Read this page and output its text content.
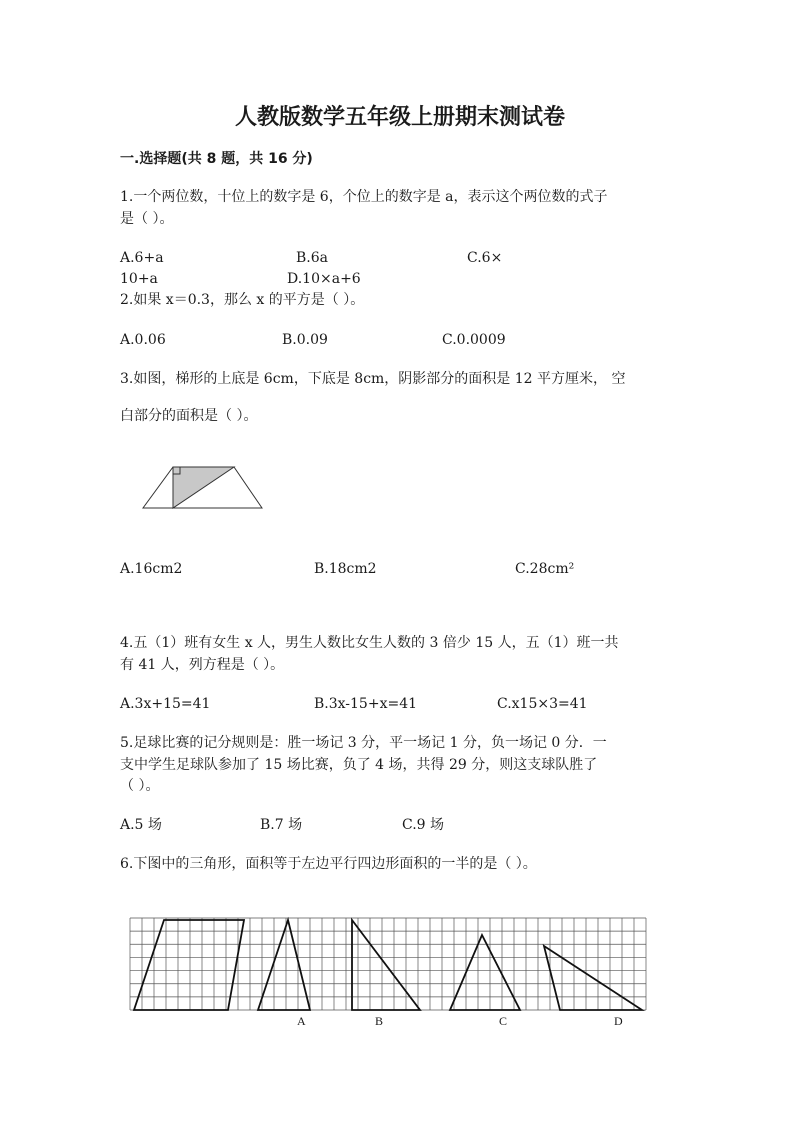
人教版数学五年级上册期末测试卷
一.选择题(共 8 题，共 16 分)
1.一个两位数，十位上的数字是 6，个位上的数字是 a，表示这个两位数的式子
是（ ）。
A.6+a	B.6a	C.6×
10+a	D.10×a+6
2.如果 x＝0.3，那么 x 的平方是（ ）。
A.0.06	B.0.09	C.0.0009
3.如图，梯形的上底是 6cm，下底是 8cm，阴影部分的面积是 12 平方厘米， 空
白部分的面积是（ ）。
A.16cm2	B.18cm2	C.28cm²
4.五（1）班有女生 x 人，男生人数比女生人数的 3 倍少 15 人，五（1）班一共
有 41 人，列方程是（ ）。
A.3x+15=41	B.3x-15+x=41	C.x15×3=41
5.足球比赛的记分规则是：胜一场记 3 分，平一场记 1 分，负一场记 0 分．一
支中学生足球队参加了 15 场比赛，负了 4 场，共得 29 分，则这支球队胜了
（ ）。
A.5 场	B.7 场	C.9 场
6.下图中的三角形，面积等于左边平行四边形面积的一半的是（ ）。
A	B	C	D
